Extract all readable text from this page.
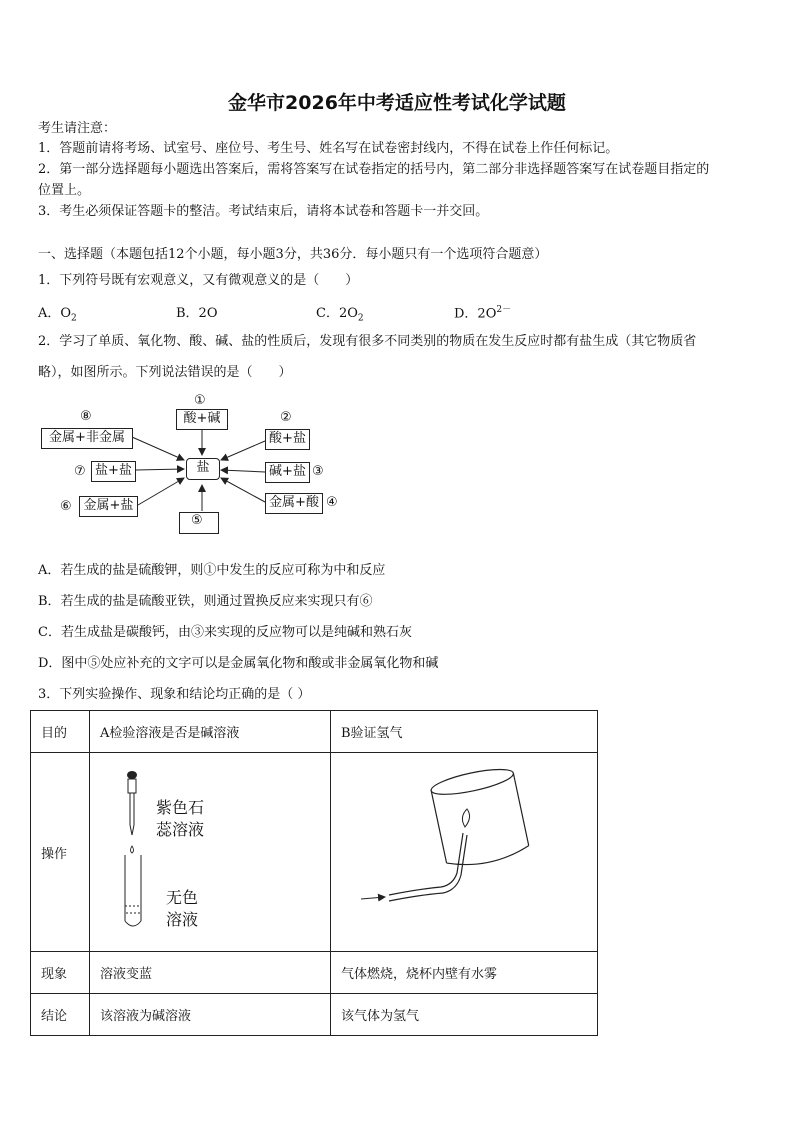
金华市2026年中考适应性考试化学试题
考生请注意：
1．答题前请将考场、试室号、座位号、考生号、姓名写在试卷密封线内，不得在试卷上作任何标记。
2．第一部分选择题每小题选出答案后，需将答案写在试卷指定的括号内，第二部分非选择题答案写在试卷题目指定的
位置上。
3．考生必须保证答题卡的整洁。考试结束后，请将本试卷和答题卡一并交回。
一、选择题（本题包括12个小题，每小题3分，共36分．每小题只有一个选项符合题意）
1．下列符号既有宏观意义，又有微观意义的是（　　）
A．$O_2$	B．2O	C．$2O_2$	D．$2O^{2-}$
2．学习了单质、氧化物、酸、碱、盐的性质后，发现有很多不同类别的物质在发生反应时都有盐生成（其它物质省
略），如图所示。下列说法错误的是（　　）
盐
①
酸+碱	②
酸+盐
碱+盐 ③
金属+酸 ④
⑤
⑥ 金属+盐
⑦ 盐+盐
⑧
金属+非金属
A．若生成的盐是硫酸钾，则①中发生的反应可称为中和反应
B．若生成的盐是硫酸亚铁，则通过置换反应来实现只有⑥
C．若生成盐是碳酸钙，由③来实现的反应物可以是纯碱和熟石灰
D．图中⑤处应补充的文字可以是金属氧化物和酸或非金属氧化物和碱
3．下列实验操作、现象和结论均正确的是（ ）
目的	A检验溶液是否是碱溶液	B验证氢气
操作	紫色石
蕊溶液
无色
溶液

现象	溶液变蓝	气体燃烧，烧杯内壁有水雾
结论	该溶液为碱溶液	该气体为氢气
